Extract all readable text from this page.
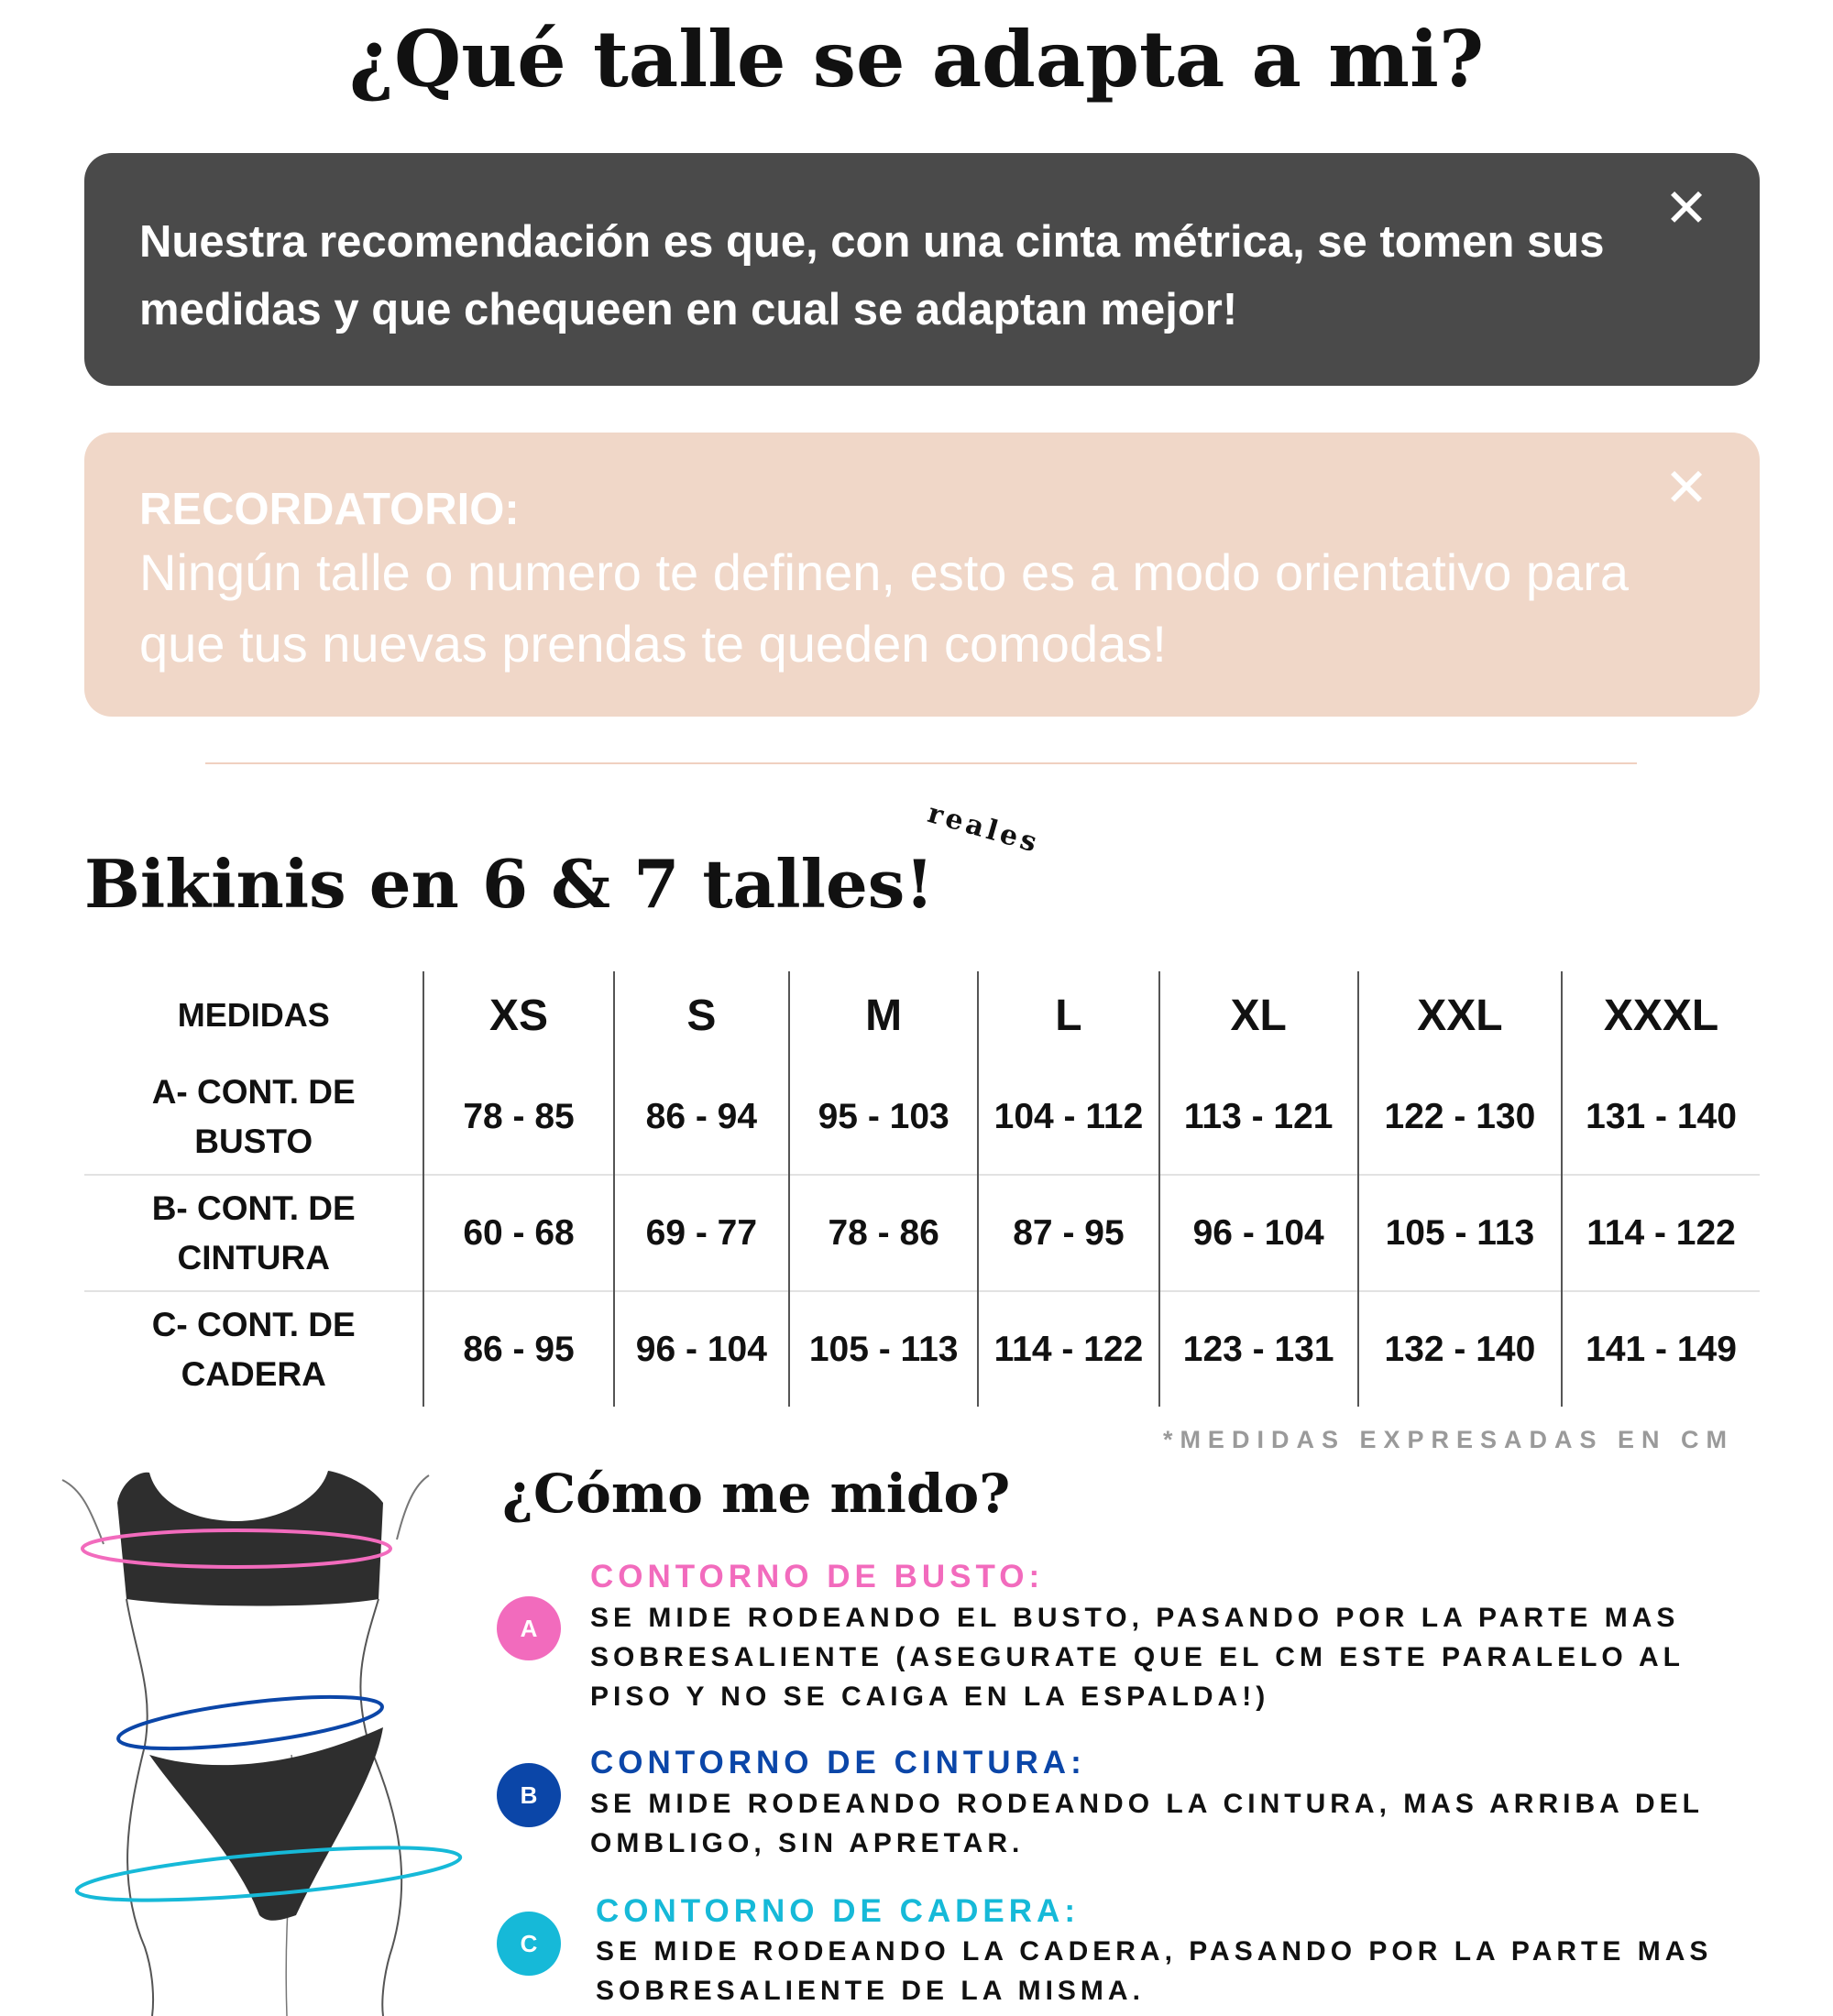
¿Qué talle se adapta a mi?
Nuestra recomendación es que, con una cinta métrica, se tomen sus medidas y que chequeen en cual se adaptan mejor!
✕
RECORDATORIO:
Ningún talle o numero te definen, esto es a modo orientativo para que tus nuevas prendas te queden comodas!
✕
Bikinis en 6 & 7 talles!
reales
MEDIDAS	XS	S	M	L	XL	XXL	XXXL
A- CONT. DE
BUSTO	78 - 85	86 - 94	95 - 103	104 - 112	113 - 121	122 - 130	131 - 140
B- CONT. DE
CINTURA	60 - 68	69 - 77	78 - 86	87 - 95	96 - 104	105 - 113	114 - 122
C- CONT. DE
CADERA	86 - 95	96 - 104	105 - 113	114 - 122	123 - 131	132 - 140	141 - 149
*MEDIDAS EXPRESADAS EN CM
¿Cómo me mido?
A
CONTORNO DE BUSTO:
SE MIDE RODEANDO EL BUSTO, PASANDO POR LA PARTE MAS SOBRESALIENTE (ASEGURATE QUE EL CM ESTE PARALELO AL PISO Y NO SE CAIGA EN LA ESPALDA!)
B
CONTORNO DE CINTURA:
SE MIDE RODEANDO RODEANDO LA CINTURA, MAS ARRIBA DEL OMBLIGO, SIN APRETAR.
C
CONTORNO DE CADERA:
SE MIDE RODEANDO LA CADERA, PASANDO POR LA PARTE MAS SOBRESALIENTE DE LA MISMA.
